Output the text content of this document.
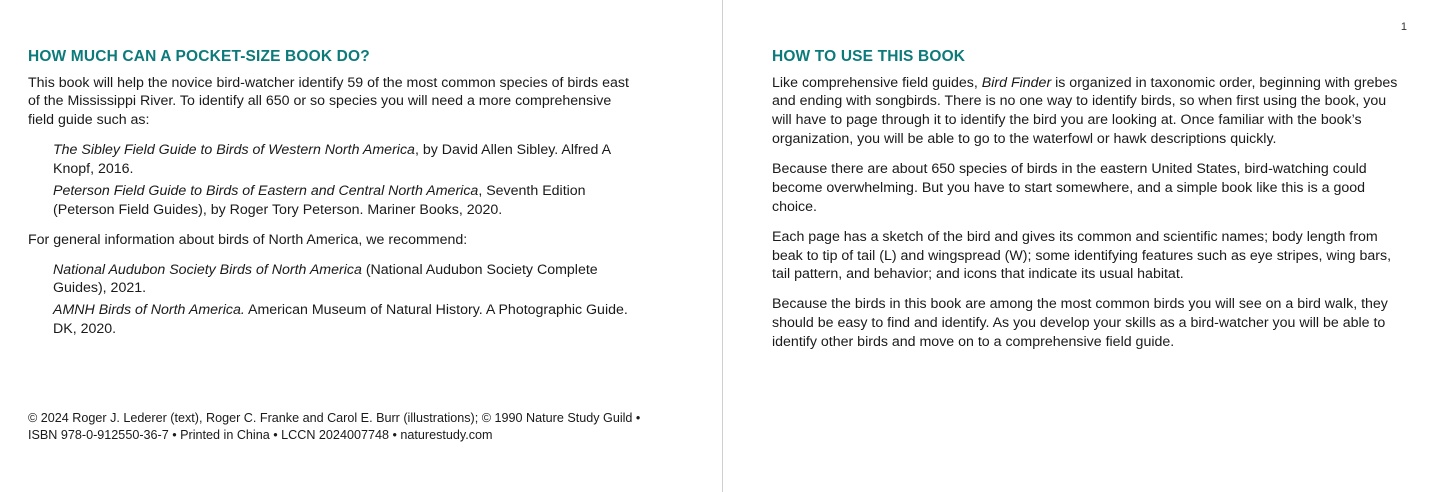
HOW MUCH CAN A POCKET-SIZE BOOK DO?

This book will help the novice bird-watcher identify 59 of the most common species of birds east of the Mississippi River. To identify all 650 or so species you will need a more comprehensive field guide such as:

The Sibley Field Guide to Birds of Western North America, by David Allen Sibley. Alfred A Knopf, 2016.
Peterson Field Guide to Birds of Eastern and Central North America, Seventh Edition (Peterson Field Guides), by Roger Tory Peterson. Mariner Books, 2020.

For general information about birds of North America, we recommend:

National Audubon Society Birds of North America (National Audubon Society Complete Guides), 2021.
AMNH Birds of North America. American Museum of Natural History. A Photographic Guide. DK, 2020.
© 2024 Roger J. Lederer (text), Roger C. Franke and Carol E. Burr (illustrations); © 1990 Nature Study Guild • ISBN 978-0-912550-36-7 • Printed in China • LCCN 2024007748 • naturestudy.com
1
HOW TO USE THIS BOOK

Like comprehensive field guides, Bird Finder is organized in taxonomic order, beginning with grebes and ending with songbirds. There is no one way to identify birds, so when first using the book, you will have to page through it to identify the bird you are looking at. Once familiar with the book’s organization, you will be able to go to the waterfowl or hawk descriptions quickly.

Because there are about 650 species of birds in the eastern United States, bird-watching could become overwhelming. But you have to start somewhere, and a simple book like this is a good choice.

Each page has a sketch of the bird and gives its common and scientific names; body length from beak to tip of tail (L) and wingspread (W); some identifying features such as eye stripes, wing bars, tail pattern, and behavior; and icons that indicate its usual habitat.

Because the birds in this book are among the most common birds you will see on a bird walk, they should be easy to find and identify. As you develop your skills as a bird-watcher you will be able to identify other birds and move on to a comprehensive field guide.
